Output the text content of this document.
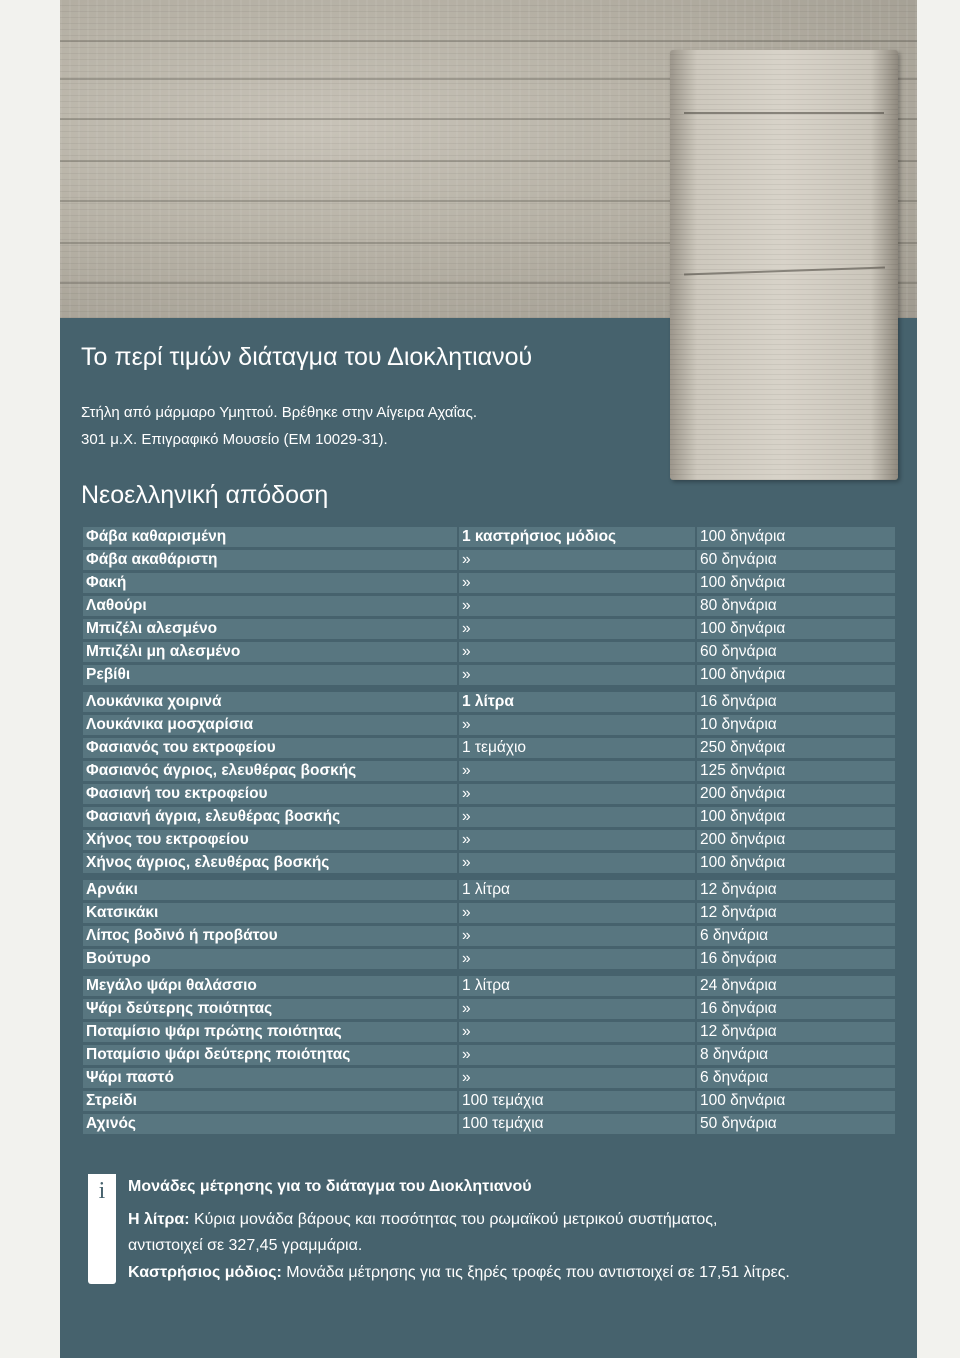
Το περί τιμών διάταγμα του Διοκλητιανού
Στήλη από μάρμαρο Υμηττού. Βρέθηκε στην Αίγειρα Αχαΐας.
301 μ.Χ. Επιγραφικό Μουσείο (ΕΜ 10029-31).
Νεοελληνική απόδοση
Φάβα καθαρισμένη	1 καστρήσιος μόδιος	100 δηνάρια
Φάβα ακαθάριστη	»	60 δηνάρια
Φακή	»	100 δηνάρια
Λαθούρι	»	80 δηνάρια
Μπιζέλι αλεσμένο	»	100 δηνάρια
Μπιζέλι μη αλεσμένο	»	60 δηνάρια
Ρεβίθι	»	100 δηνάρια
Λουκάνικα χοιρινά	1 λίτρα	16 δηνάρια
Λουκάνικα μοσχαρίσια	»	10 δηνάρια
Φασιανός του εκτροφείου	1 τεμάχιο	250 δηνάρια
Φασιανός άγριος, ελευθέρας βοσκής	»	125 δηνάρια
Φασιανή του εκτροφείου	»	200 δηνάρια
Φασιανή άγρια, ελευθέρας βοσκής	»	100 δηνάρια
Χήνος του εκτροφείου	»	200 δηνάρια
Χήνος άγριος, ελευθέρας βοσκής	»	100 δηνάρια
Αρνάκι	1 λίτρα	12 δηνάρια
Κατσικάκι	»	12 δηνάρια
Λίπος βοδινό ή προβάτου	»	6 δηνάρια
Βούτυρο	»	16 δηνάρια
Μεγάλο ψάρι θαλάσσιο	1 λίτρα	24 δηνάρια
Ψάρι δεύτερης ποιότητας	»	16 δηνάρια
Ποταμίσιο ψάρι πρώτης ποιότητας	»	12 δηνάρια
Ποταμίσιο ψάρι δεύτερης ποιότητας	»	8 δηνάρια
Ψάρι παστό	»	6 δηνάρια
Στρείδι	100 τεμάχια	100 δηνάρια
Αχινός	100 τεμάχια	50 δηνάρια
i	Μονάδες μέτρησης για το διάταγμα του Διοκλητιανού
Η λίτρα: Κύρια μονάδα βάρους και ποσότητας του ρωμαϊκού μετρικού συστήματος,
αντιστοιχεί σε 327,45 γραμμάρια.
Καστρήσιος μόδιος: Μονάδα μέτρησης για τις ξηρές τροφές που αντιστοιχεί σε 17,51 λίτρες.
